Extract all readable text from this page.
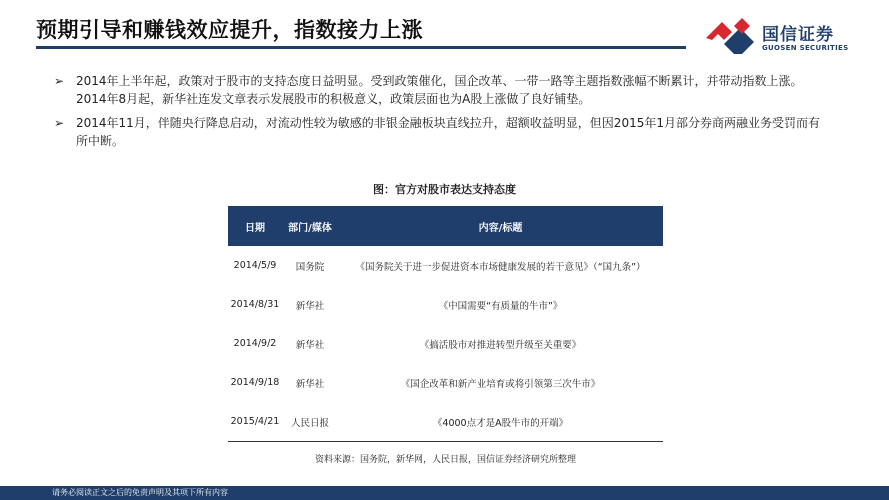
预期引导和赚钱效应提升，指数接力上涨	国信证券
GUOSEN SECURITIES
➢ 2014年上半年起，政策对于股市的支持态度日益明显。受到政策催化，国企改革、一带一路等主题指数涨幅不断累计，并带动指数上涨。2014年8月起，新华社连发文章表示发展股市的积极意义，政策层面也为A股上涨做了良好铺垫。
➢ 2014年11月，伴随央行降息启动，对流动性较为敏感的非银金融板块直线拉升，超额收益明显，但因2015年1月部分券商两融业务受罚而有所中断。
图：官方对股市表达支持态度
日期	部门/媒体	内容/标题
2014/5/9	国务院	《国务院关于进一步促进资本市场健康发展的若干意见》（“国九条”）
2014/8/31	新华社	《中国需要“有质量的牛市”》
2014/9/2	新华社	《搞活股市对推进转型升级至关重要》
2014/9/18	新华社	《国企改革和新产业培育或将引领第三次牛市》
2015/4/21	人民日报	《4000点才是A股牛市的开端》
资料来源：国务院，新华网，人民日报，国信证券经济研究所整理
请务必阅读正文之后的免责声明及其项下所有内容
